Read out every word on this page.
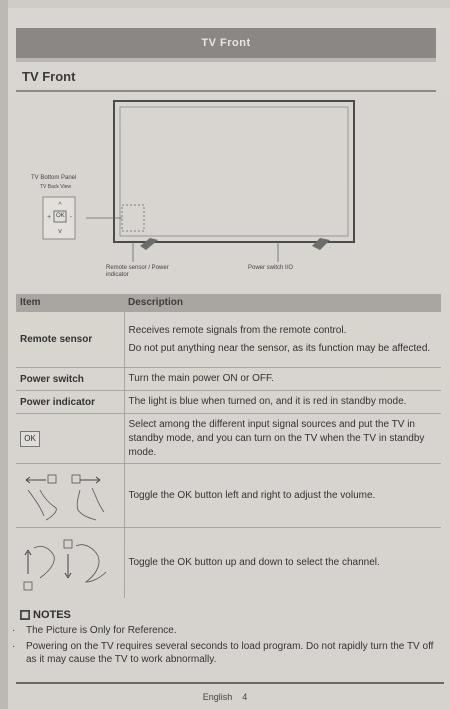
TV Front
TV Front
^
v
+	-
TV Bottom Panel
TV Back View
OK
Remote sensor / Power indicator
Power switch I/O
Item	Description
Remote sensor	Receives remote signals from the remote control.

Do not put anything near the sensor, as its function may be affected.

Power switch	Turn the main power ON or OFF.

Power indicator	The light is blue when turned on, and it is red in standby mode.

OK	Select among the different input signal sources and put the TV in standby mode, and you can turn on the TV when the TV in standby mode.

Toggle the OK button left and right to adjust the volume.

Toggle the OK button up and down to select the channel.

▦ NOTES
· The Picture is Only for Reference.
· Powering on the TV requires several seconds to load program. Do not rapidly turn the TV off as it may cause the TV to work abnormally.
English 4
